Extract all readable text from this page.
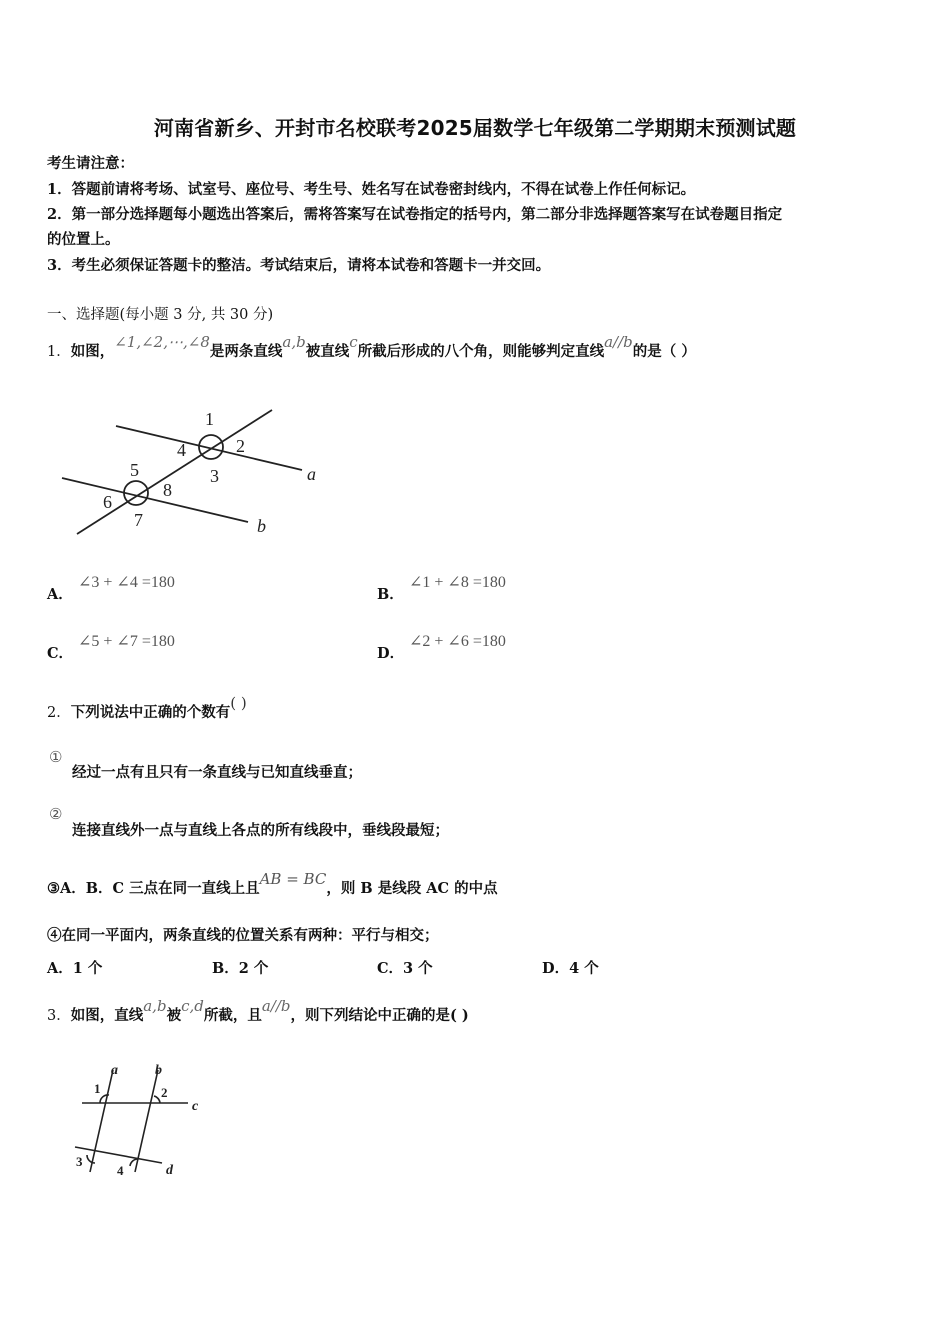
河南省新乡、开封市名校联考2025届数学七年级第二学期期末预测试题
考生请注意：
1．答题前请将考场、试室号、座位号、考生号、姓名写在试卷密封线内，不得在试卷上作任何标记。
2．第一部分选择题每小题选出答案后，需将答案写在试卷指定的括号内，第二部分非选择题答案写在试卷题目指定
的位置上。
3．考生必须保证答题卡的整洁。考试结束后，请将本试卷和答题卡一并交回。
一、选择题(每小题 3 分, 共 30 分)
1．如图，∠1,∠2,⋯,∠8是两条直线a,b被直线c所截后形成的八个角，则能够判定直线a//b的是（ ）
1
2
3
4
5
6
7
8
a
b
A．
∠3 + ∠4 =180
B．
∠1 + ∠8 =180
C．
∠5 + ∠7 =180
D．
∠2 + ∠6 =180
2．下列说法中正确的个数有( )
①
经过一点有且只有一条直线与已知直线垂直；
②
连接直线外一点与直线上各点的所有线段中，垂线段最短；
③A．B．C 三点在同一直线上且AB = BC，则 B 是线段 AC 的中点
④在同一平面内，两条直线的位置关系有两种：平行与相交；
A．1 个	B．2 个	C．3 个	D．4 个
3．如图，直线a,b被c,d所截，且a//b，则下列结论中正确的是( )
1	2
3
4
a	b
c
d
